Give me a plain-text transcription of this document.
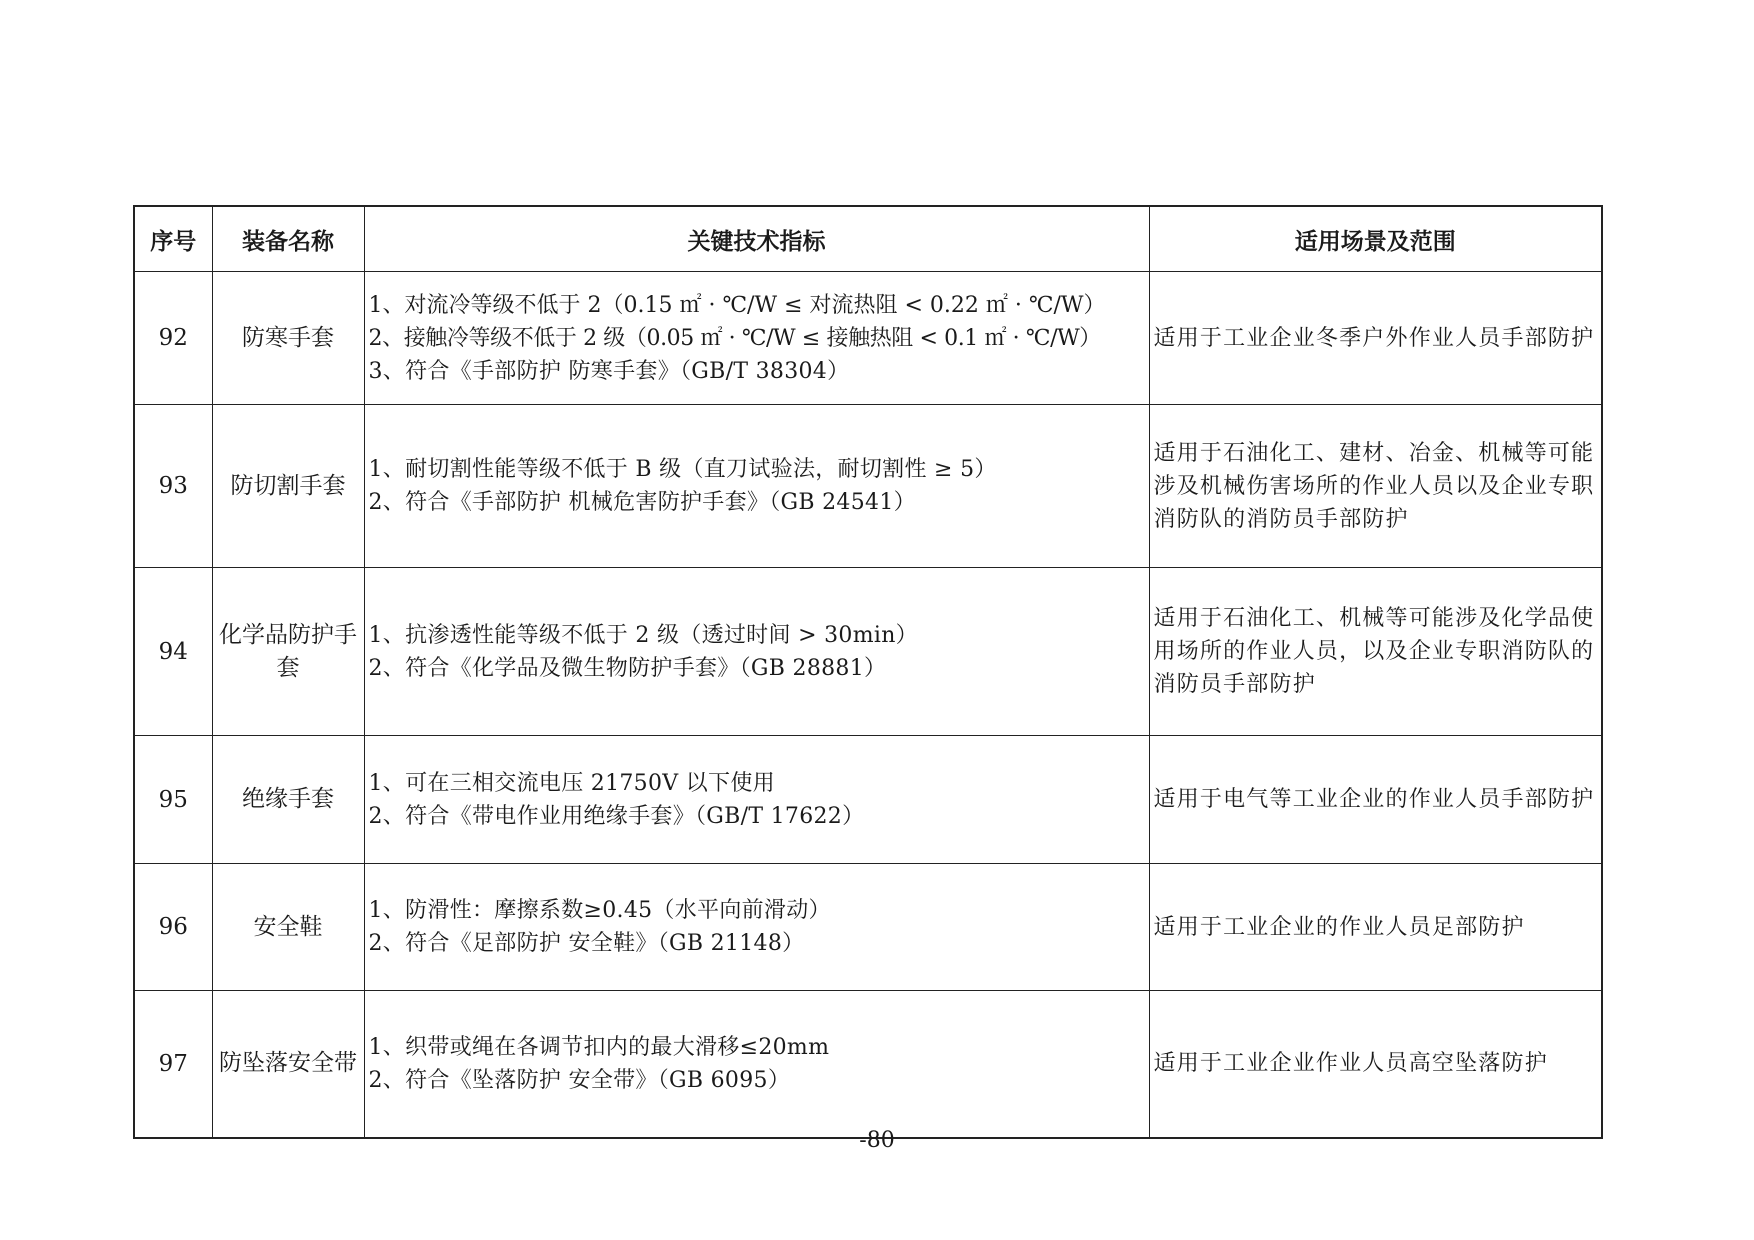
序号	装备名称	关键技术指标	适用场景及范围
92	防寒手套	1、对流冷等级不低于 2（0.15 ㎡ · ℃/W ≤ 对流热阻 < 0.22 ㎡ · ℃/W）
2、接触冷等级不低于 2 级（0.05 ㎡ · ℃/W ≤ 接触热阻 < 0.1 ㎡ · ℃/W）
3、符合《手部防护 防寒手套》（GB/T 38304）	适用于工业企业冬季户外作业人员手部防护
93	防切割手套	1、耐切割性能等级不低于 B 级（直刀试验法，耐切割性 ≥ 5）
2、符合《手部防护 机械危害防护手套》（GB 24541）	适用于石油化工、建材、冶金、机械等可能涉及机械伤害场所的作业人员以及企业专职消防队的消防员手部防护
94	化学品防护手套	1、抗渗透性能等级不低于 2 级（透过时间 > 30min）
2、符合《化学品及微生物防护手套》（GB 28881）	适用于石油化工、机械等可能涉及化学品使用场所的作业人员，以及企业专职消防队的消防员手部防护
95	绝缘手套	1、可在三相交流电压 21750V 以下使用
2、符合《带电作业用绝缘手套》（GB/T 17622）	适用于电气等工业企业的作业人员手部防护
96	安全鞋	1、防滑性：摩擦系数≥0.45（水平向前滑动）
2、符合《足部防护 安全鞋》（GB 21148）	适用于工业企业的作业人员足部防护
97	防坠落安全带	1、织带或绳在各调节扣内的最大滑移≤20mm
2、符合《坠落防护 安全带》（GB 6095）	适用于工业企业作业人员高空坠落防护
-80
